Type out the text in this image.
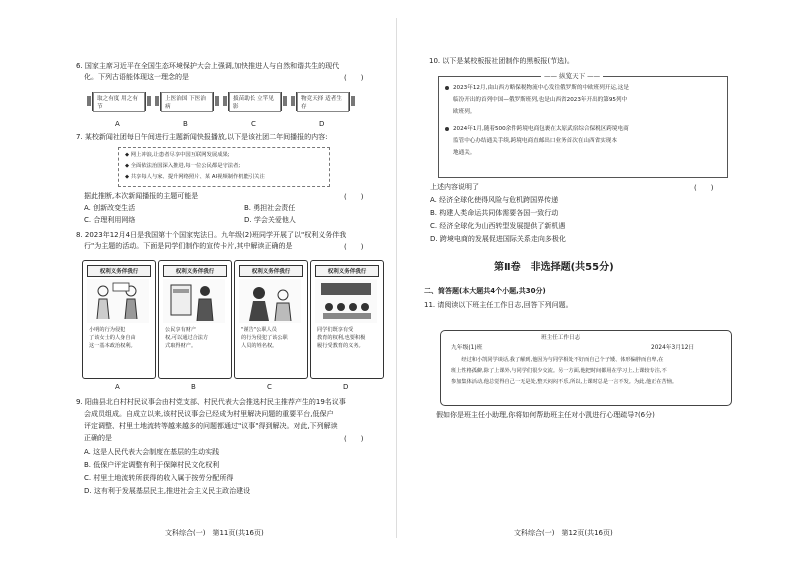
6. 国家主席习近平在全国生态环境保护大会上强调,加快推进人与自然和谐共生的现代
化。下列古语能体现这一理念的是	(　　)
取之有度 用之有节
上医治国 下医治病
拔苗助长 立竿见影
物竞天择 适者生存
A	B	C	D
7. 某校新闻社团每日午间进行主题新闻快报播放,以下是该社团二年间播报的内容:
◆ 网上冲浪,让患者尽享中国互联网发展成果;
◆ 全面依法治国深入推进,每一位公民都是守法者;
◆ 共享每人与家、提升网络照片、某 AI视频制作机能引关注
据此推断,本次新闻播报的主题可能是	(　　)
A. 创新改变生活	B. 勇担社会责任
C. 合理利用网络	D. 学会关爱他人
8. 2023年12月4日是我国第十个国家宪法日。九年级(2)班同学开展了以"权利义务伴我
行"为主题的活动。下面是同学们制作的宣传卡片,其中解读正确的是	(　　)
权利义务伴我行
小明的行为侵犯
了该女士的人身自由
这一基本政治权利。
权利义务伴我行
公民享有财产
权,可以通过合法方
式取得财产。
权利义务伴我行
"谨告"公职人员
的行为侵犯了该公职
人员的姓名权。
权利义务伴我行
同学们既享有受
教育的权利,也要积极
履行受教育的义务。
A	B	C	D
9. 阳曲县北白村村民议事会由村党支部、村民代表大会推选村民主推荐产生的19名议事
会成员组成。自成立以来,该村民议事会已经成为村里解决问题的重要平台,低保户
评定调整、村里土地流转等越来越多的问题都通过"议事"得到解决。对此,下列解读
正确的是	(　　)
A. 这是人民代表大会制度在基层的生动实践
B. 低保户评定调整有利于保障村民文化权利
C. 村里土地流转所获得的收入属于按劳分配所得
D. 这有利于发展基层民主,推进社会主义民主政治建设
文科综合(一)　第11页(共16页)
10. 以下是某校板报社团制作的黑板报(节选)。
2023年12月,由山西方略保税物流中心发往俄罗斯的中欧班列开运,这是
临汾开出的首列中国—俄罗斯班列,也是山西省2023年开出的第95列中
欧班列。
2024年1月,随着500余件跨境电商包裹在太原武宿综合保税区跨境电商
监管中心办结通关手续,跨境电商直邮出口业务首次在山西省实现本
地通关。
—— 纵览天下 ——
上述内容说明了	(　　)
A. 经济全球化使得风险与危机跨国界传递
B. 构建人类命运共同体需要各国一致行动
C. 经济全球化为山西转型发展提供了新机遇
D. 跨境电商的发展促进国际关系走向多极化
第Ⅱ卷　非选择题(共55分)
二、简答题(本大题共4个小题,共30分)
11. 请阅读以下班主任工作日志,回答下列问题。
班主任工作日志
九年级(1)班	2024年3月12日
　　经过和小凯同学谈话,我了解到,他因为与同学相处不好而自己个子矮、体形偏胖而自卑,在
班上性格孤僻,除了上课外,与同学们很少交流。另一方面,他把时间都用在学习上,上课较专注,不
参加集体活动,他总觉得自己一无是处,整天闷闷不乐,所以,上课时总是一言不发。为此,他正在苦恼。
假如你是班主任小助理,你将如何帮助班主任对小凯进行心理疏导?(6分)
文科综合(一)　第12页(共16页)
